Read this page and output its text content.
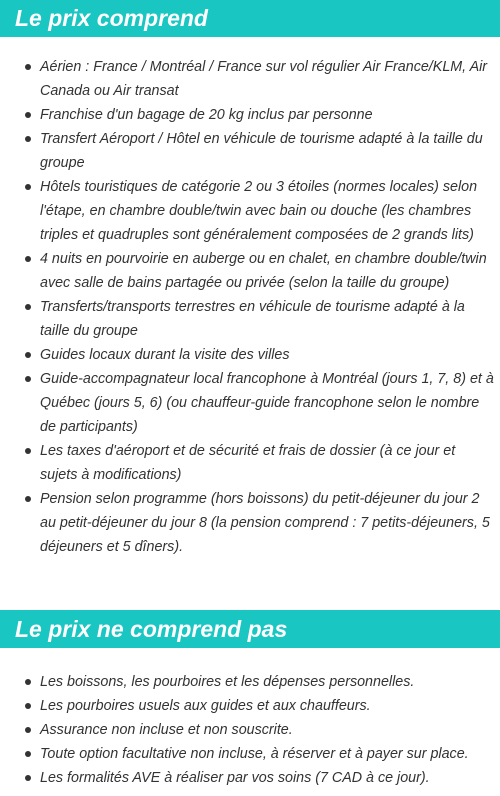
Le prix comprend
Aérien : France / Montréal / France sur vol régulier Air France/KLM, Air Canada ou Air transat
Franchise d'un bagage de 20 kg inclus par personne
Transfert Aéroport / Hôtel en véhicule de tourisme adapté à la taille du groupe
Hôtels touristiques de catégorie 2 ou 3 étoiles (normes locales) selon l'étape, en chambre double/twin avec bain ou douche (les chambres triples et quadruples sont généralement composées de 2 grands lits)
4 nuits en pourvoirie en auberge ou en chalet, en chambre double/twin avec salle de bains partagée ou privée (selon la taille du groupe)
Transferts/transports terrestres en véhicule de tourisme adapté à la taille du groupe
Guides locaux durant la visite des villes
Guide-accompagnateur local francophone à Montréal (jours 1, 7, 8) et à Québec (jours 5, 6) (ou chauffeur-guide francophone selon le nombre de participants)
Les taxes d'aéroport et de sécurité et frais de dossier (à ce jour et sujets à modifications)
Pension selon programme (hors boissons) du petit-déjeuner du jour 2 au petit-déjeuner du jour 8 (la pension comprend : 7 petits-déjeuners, 5 déjeuners et 5 dîners).
Le prix ne comprend pas
Les boissons, les pourboires et les dépenses personnelles.
Les pourboires usuels aux guides et aux chauffeurs.
Assurance non incluse et non souscrite.
Toute option facultative non incluse, à réserver et à payer sur place.
Les formalités AVE à réaliser par vos soins (7 CAD à ce jour).
